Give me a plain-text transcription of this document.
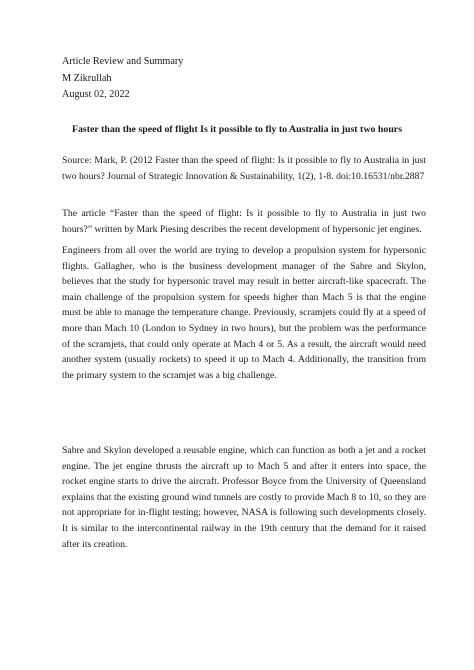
Article Review and Summary
M Zikrullah
August 02, 2022
Faster than the speed of flight Is it possible to fly to Australia in just two hours

Source: Mark, P. (2012 Faster than the speed of flight: Is it possible to fly to Australia in just two hours? Journal of Strategic Innovation & Sustainability, 1(2), 1-8. doi:10.16531/nbr.2887

The article “Faster than the speed of flight: Is it possible to fly to Australia in just two hours?” written by Mark Piesing describes the recent development of hypersonic jet engines.

Engineers from all over the world are trying to develop a propulsion system for hypersonic flights. Gallagher, who is the business development manager of the Sabre and Skylon, believes that the study for hypersonic travel may result in better aircraft-like spacecraft. The main challenge of the propulsion system for speeds higher than Mach 5 is that the engine must be able to manage the temperature change. Previously, scramjets could fly at a speed of more than Mach 10 (London to Sydney in two hours), but the problem was the performance of the scramjets, that could only operate at Mach 4 or 5. As a result, the aircraft would need another system (usually rockets) to speed it up to Mach 4. Additionally, the transition from the primary system to the scramjet was a big challenge.

Sabre and Skylon developed a reusable engine, which can function as both a jet and a rocket engine. The jet engine thrusts the aircraft up to Mach 5 and after it enters into space, the rocket engine starts to drive the aircraft. Professor Boyce from the University of Queensland explains that the existing ground wind tunnels are costly to provide Mach 8 to 10, so they are not appropriate for in-flight testing; however, NASA is following such developments closely. It is similar to the intercontinental railway in the 19th century that the demand for it raised after its creation.
